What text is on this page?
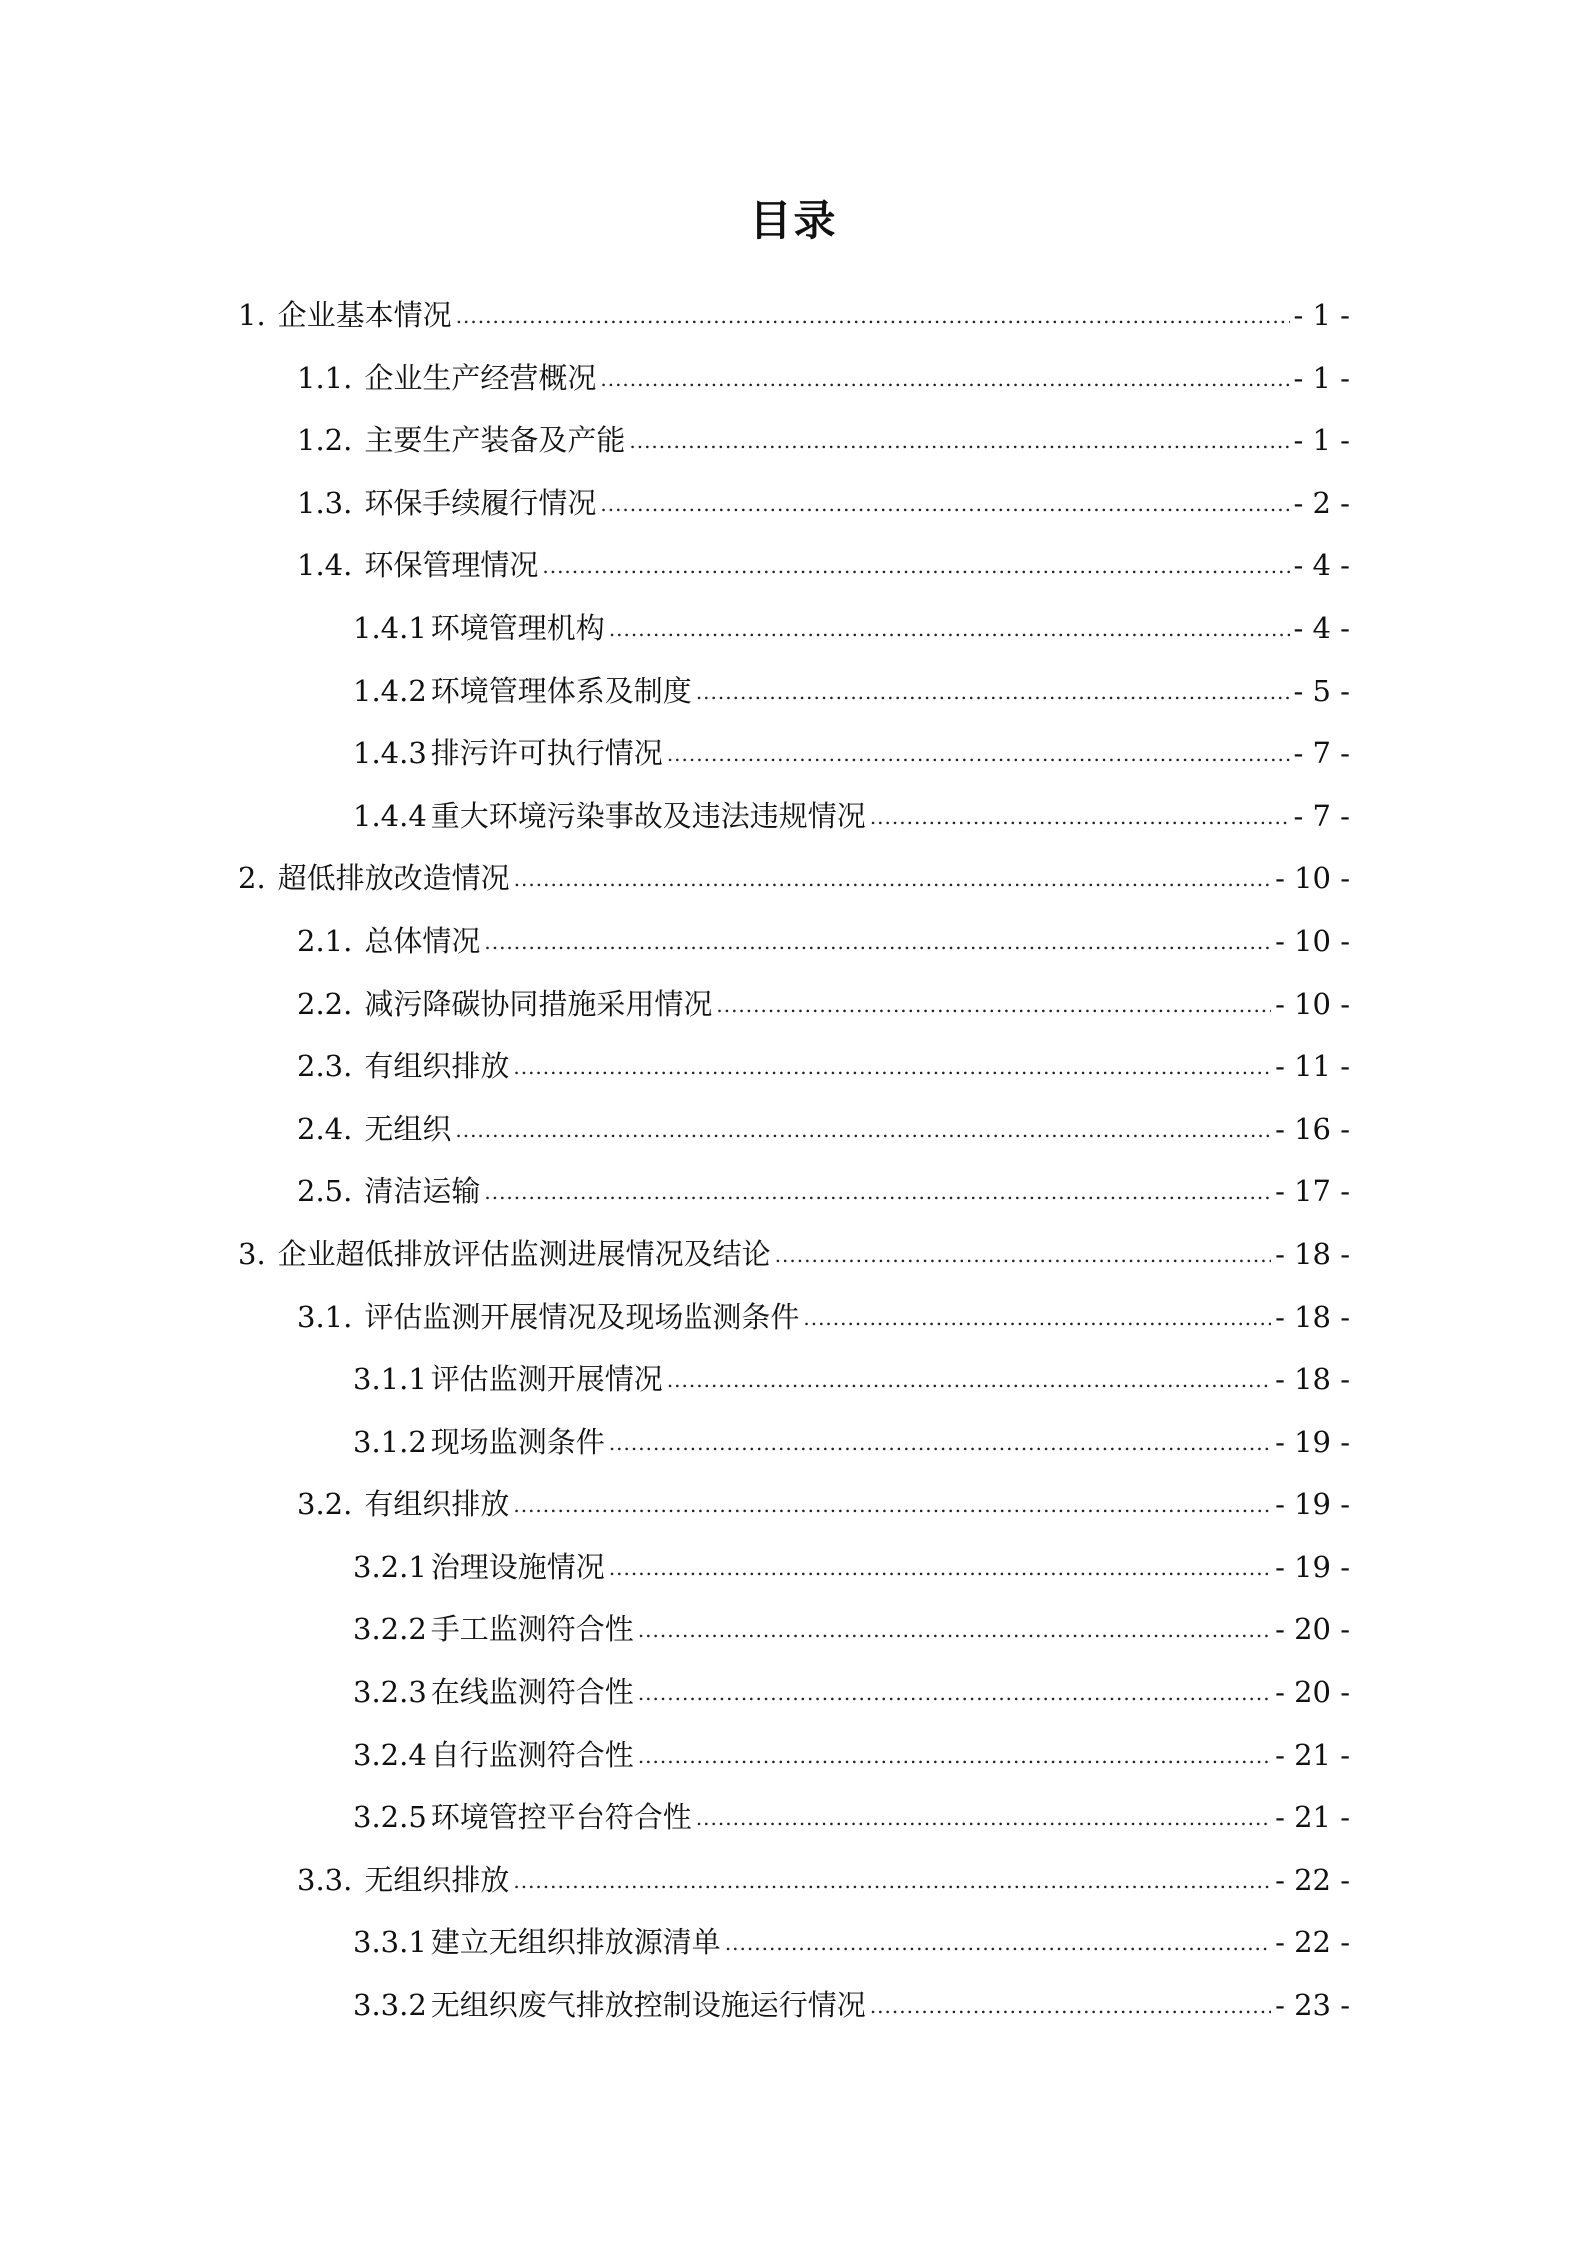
目录
1. 企业基本情况 .....	- 1 -
1.1. 企业生产经营概况 .....	- 1 -
1.2. 主要生产装备及产能 .....	- 1 -
1.3. 环保手续履行情况 .....	- 2 -
1.4. 环保管理情况 .....	- 4 -
1.4.1 环境管理机构 .....	- 4 -
1.4.2 环境管理体系及制度 .....	- 5 -
1.4.3 排污许可执行情况 .....	- 7 -
1.4.4 重大环境污染事故及违法违规情况 .....	- 7 -
2. 超低排放改造情况 .....	- 10 -
2.1. 总体情况 .....	- 10 -
2.2. 减污降碳协同措施采用情况 .....	- 10 -
2.3. 有组织排放 .....	- 11 -
2.4. 无组织 .....	- 16 -
2.5. 清洁运输 .....	- 17 -
3. 企业超低排放评估监测进展情况及结论 .....	- 18 -
3.1. 评估监测开展情况及现场监测条件 .....	- 18 -
3.1.1 评估监测开展情况 .....	- 18 -
3.1.2 现场监测条件 .....	- 19 -
3.2. 有组织排放 .....	- 19 -
3.2.1 治理设施情况 .....	- 19 -
3.2.2 手工监测符合性 .....	- 20 -
3.2.3 在线监测符合性 .....	- 20 -
3.2.4 自行监测符合性 .....	- 21 -
3.2.5 环境管控平台符合性 .....	- 21 -
3.3. 无组织排放 .....	- 22 -
3.3.1 建立无组织排放源清单 .....	- 22 -
3.3.2 无组织废气排放控制设施运行情况 .....	- 23 -
